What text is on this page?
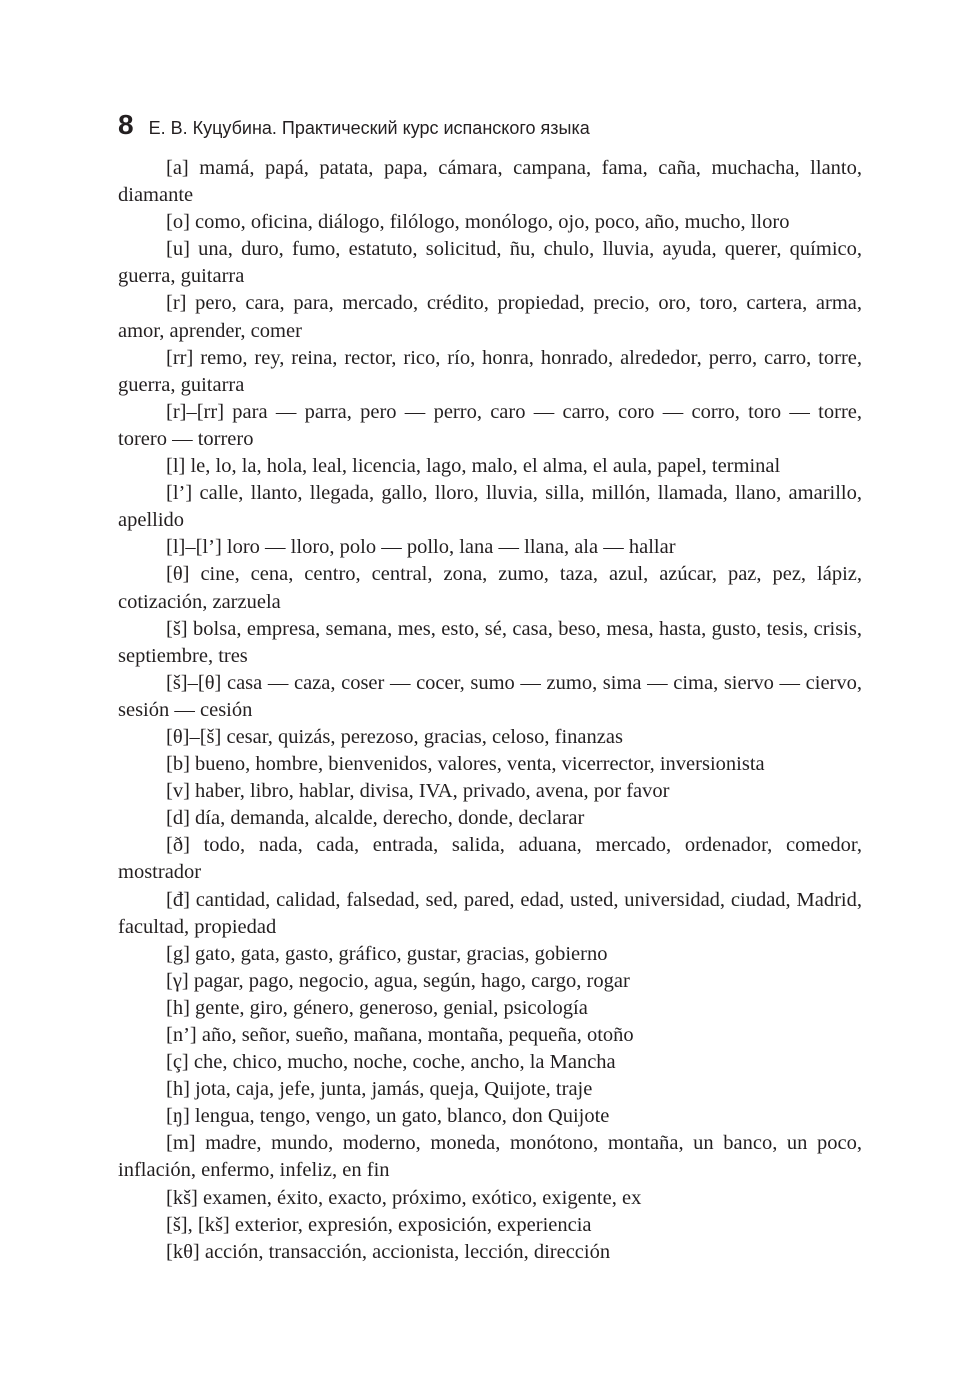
8 Е. В. Куцубина. Практический курс испанского языка

[a] mamá, papá, patata, papa, cámara, campana, fama, caña, muchacha, llanto, diamante

[o] como, oficina, diálogo, filólogo, monólogo, ojo, poco, año, mucho, lloro

[u] una, duro, fumo, estatuto, solicitud, ñu, chulo, lluvia, ayuda, querer, químico, guerra, guitarra

[r] pero, cara, para, mercado, crédito, propiedad, precio, oro, toro, cartera, arma, amor, aprender, comer

[rr] remo, rey, reina, rector, rico, río, honra, honrado, alrededor, perro, carro, torre, guerra, guitarra

[r]–[rr] para — parra, pero — perro, caro — carro, coro — corro, toro — torre, torero — torrero

[l] le, lo, la, hola, leal, licencia, lago, malo, el alma, el aula, papel, terminal

[l’] calle, llanto, llegada, gallo, lloro, lluvia, silla, millón, llamada, llano, amarillo, apellido

[l]–[l’] loro — lloro, polo — pollo, lana — llana, ala — hallar

[θ] cine, cena, centro, central, zona, zumo, taza, azul, azúcar, paz, pez, lápiz, cotización, zarzuela

[š] bolsa, empresa, semana, mes, esto, sé, casa, beso, mesa, hasta, gusto, tesis, crisis, septiembre, tres

[š]–[θ] casa — caza, coser — cocer, sumo — zumo, sima — cima, siervo — ciervo, sesión — cesión

[θ]–[š] cesar, quizás, perezoso, gracias, celoso, finanzas

[b] bueno, hombre, bienvenidos, valores, venta, vicerrector, inversionista

[v] haber, libro, hablar, divisa, IVA, privado, avena, por favor

[d] día, demanda, alcalde, derecho, donde, declarar

[ð] todo, nada, cada, entrada, salida, aduana, mercado, ordenador, comedor, mostrador

[đ] cantidad, calidad, falsedad, sed, pared, edad, usted, universidad, ciudad, Madrid, facultad, propiedad

[g] gato, gata, gasto, gráfico, gustar, gracias, gobierno

[γ] pagar, pago, negocio, agua, según, hago, cargo, rogar

[h] gente, giro, género, generoso, genial, psicología

[n’] año, señor, sueño, mañana, montaña, pequeña, otoño

[ç] che, chico, mucho, noche, coche, ancho, la Mancha

[h] jota, caja, jefe, junta, jamás, queja, Quijote, traje

[ŋ] lengua, tengo, vengo, un gato, blanco, don Quijote

[m] madre, mundo, moderno, moneda, monótono, montaña, un banco, un poco, inflación, enfermo, infeliz, en fin

[kš] examen, éxito, exacto, próximo, exótico, exigente, ex

[š], [kš] exterior, expresión, exposición, experiencia

[kθ] acción, transacción, accionista, lección, dirección
